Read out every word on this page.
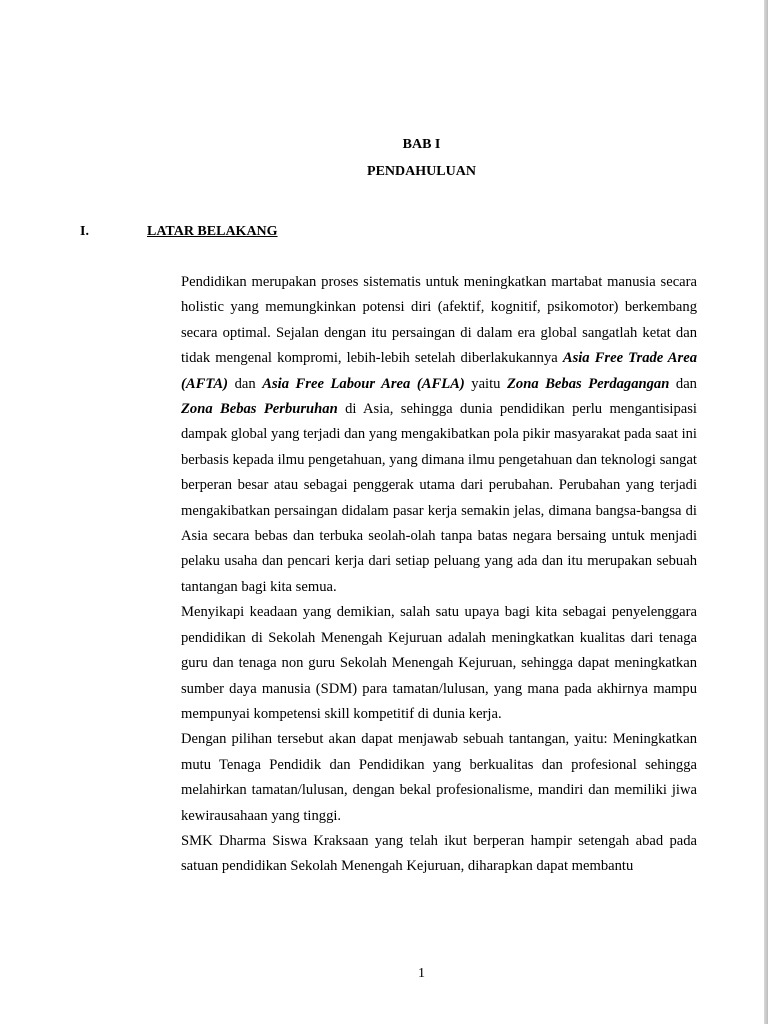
BAB I
PENDAHULUAN
I.	LATAR BELAKANG

Pendidikan merupakan proses sistematis untuk meningkatkan martabat manusia secara holistic yang memungkinkan potensi diri (afektif, kognitif, psikomotor) berkembang secara optimal. Sejalan dengan itu persaingan di dalam era global sangatlah ketat dan tidak mengenal kompromi, lebih-lebih setelah diberlakukannya Asia Free Trade Area (AFTA) dan Asia Free Labour Area (AFLA) yaitu Zona Bebas Perdagangan dan Zona Bebas Perburuhan di Asia, sehingga dunia pendidikan perlu mengantisipasi dampak global yang terjadi dan yang mengakibatkan pola pikir masyarakat pada saat ini berbasis kepada ilmu pengetahuan, yang dimana ilmu pengetahuan dan teknologi sangat berperan besar atau sebagai penggerak utama dari perubahan. Perubahan yang terjadi mengakibatkan persaingan didalam pasar kerja semakin jelas, dimana bangsa-bangsa di Asia secara bebas dan terbuka seolah-olah tanpa batas negara bersaing untuk menjadi pelaku usaha dan pencari kerja dari setiap peluang yang ada dan itu merupakan sebuah tantangan bagi kita semua.

Menyikapi keadaan yang demikian, salah satu upaya bagi kita sebagai penyelenggara pendidikan di Sekolah Menengah Kejuruan adalah meningkatkan kualitas dari tenaga guru dan tenaga non guru Sekolah Menengah Kejuruan, sehingga dapat meningkatkan sumber daya manusia (SDM) para tamatan/lulusan, yang mana pada akhirnya mampu mempunyai kompetensi skill kompetitif di dunia kerja.

Dengan pilihan tersebut akan dapat menjawab sebuah tantangan, yaitu: Meningkatkan mutu Tenaga Pendidik dan Pendidikan yang berkualitas dan profesional sehingga melahirkan tamatan/lulusan, dengan bekal profesionalisme, mandiri dan memiliki jiwa kewirausahaan yang tinggi.

SMK Dharma Siswa Kraksaan yang telah ikut berperan hampir setengah abad pada satuan pendidikan Sekolah Menengah Kejuruan, diharapkan dapat membantu

1
